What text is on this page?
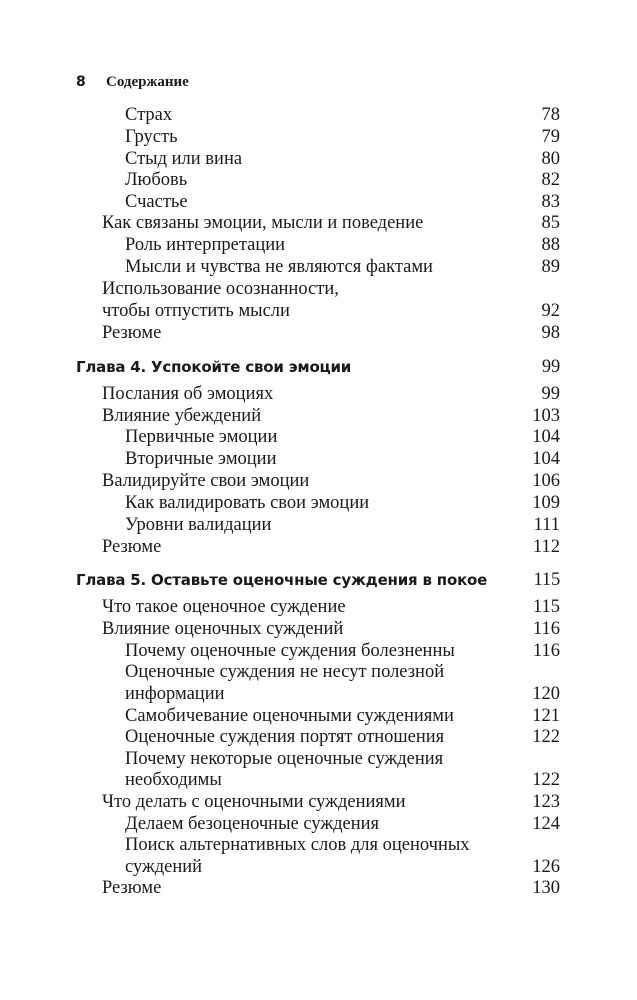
8 Содержание
Страх	78
Грусть	79
Стыд или вина	80
Любовь	82
Счастье	83
Как связаны эмоции, мысли и поведение	85
Роль интерпретации	88
Мысли и чувства не являются фактами	89
Использование осознанности,
чтобы отпустить мысли	92
Резюме	98
Глава 4. Успокойте свои эмоции	99
Послания об эмоциях	99
Влияние убеждений	103
Первичные эмоции	104
Вторичные эмоции	104
Валидируйте свои эмоции	106
Как валидировать свои эмоции	109
Уровни валидации	111
Резюме	112
Глава 5. Оставьте оценочные суждения в покое	115
Что такое оценочное суждение	115
Влияние оценочных суждений	116
Почему оценочные суждения болезненны	116
Оценочные суждения не несут полезной
информации	120
Самобичевание оценочными суждениями	121
Оценочные суждения портят отношения	122
Почему некоторые оценочные суждения
необходимы	122
Что делать с оценочными суждениями	123
Делаем безоценочные суждения	124
Поиск альтернативных слов для оценочных
суждений	126
Резюме	130
